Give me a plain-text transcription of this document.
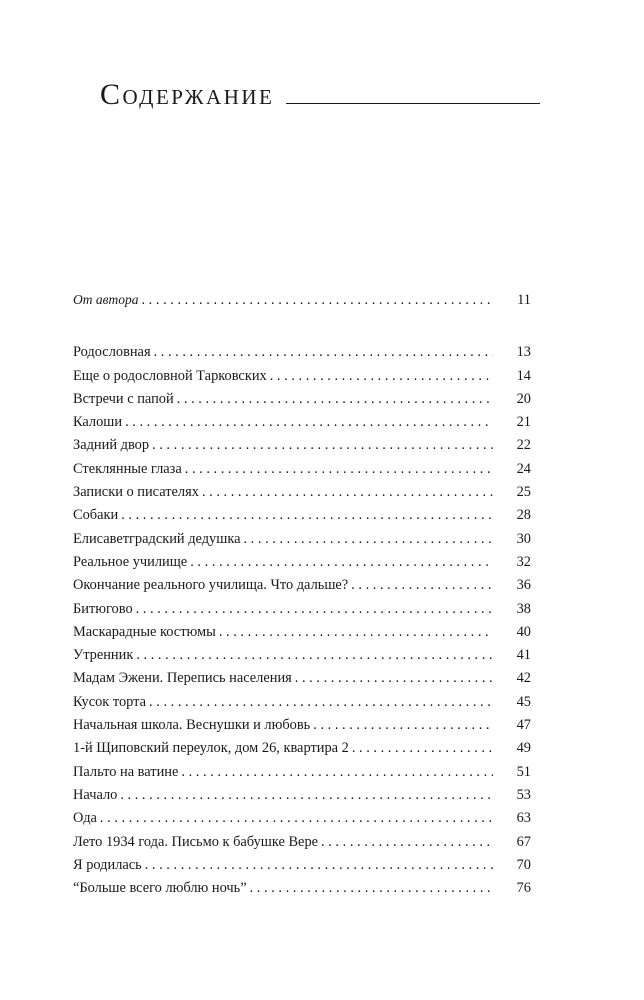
Содержание
От автора . . .	11
Родословная . . .	13
Еще о родословной Тарковских . . .	14
Встречи с папой . . .	20
Калоши . . .	21
Задний двор . . .	22
Стеклянные глаза . . .	24
Записки о писателях . . .	25
Собаки . . .	28
Елисаветградский дедушка . . .	30
Реальное училище . . .	32
Окончание реального училища. Что дальше? . . .	36
Битюгово . . .	38
Маскарадные костюмы . . .	40
Утренник . . .	41
Мадам Эжени. Перепись населения . . .	42
Кусок торта . . .	45
Начальная школа. Веснушки и любовь . . .	47
1-й Щиповский переулок, дом 26, квартира 2 . . .	49
Пальто на ватине . . .	51
Начало . . .	53
Ода . . .	63
Лето 1934 года. Письмо к бабушке Вере . . .	67
Я родилась . . .	70
“Больше всего люблю ночь” . . .	76
